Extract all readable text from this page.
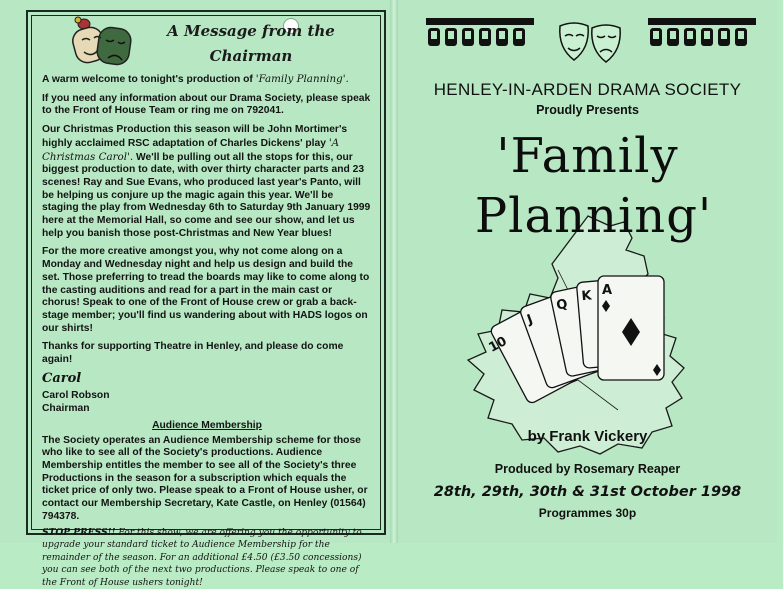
A Message from the
Chairman

A warm welcome to tonight's production of 'Family Planning'.

If you need any information about our Drama Society, please speak to the Front of House Team or ring me on 792041.

Our Christmas Production this season will be John Mortimer's highly acclaimed RSC adaptation of Charles Dickens' play 'A Christmas Carol'. We'll be pulling out all the stops for this, our biggest production to date, with over thirty character parts and 23 scenes! Ray and Sue Evans, who produced last year's Panto, will be helping us conjure up the magic again this year. We'll be staging the play from Wednesday 6th to Saturday 9th January 1999 here at the Memorial Hall, so come and see our show, and let us help you banish those post-Christmas and New Year blues!

For the more creative amongst you, why not come along on a Monday and Wednesday night and help us design and build the set. Those preferring to tread the boards may like to come along to the casting auditions and read for a part in the main cast or chorus! Speak to one of the Front of House crew or grab a back-stage member; you'll find us wandering about with HADS logos on our shirts!

Thanks for supporting Theatre in Henley, and please do come again!

Carol
Carol Robson
Chairman
Audience Membership

The Society operates an Audience Membership scheme for those who like to see all of the Society's productions. Audience Membership entitles the member to see all of the Society's three Productions in the season for a subscription which equals the ticket price of only two. Please speak to a Front of House usher, or contact our Membership Secretary, Kate Castle, on Henley (01564) 794378.

STOP PRESS!! For this show, we are offering you the opportunity to upgrade your standard ticket to Audience Membership for the remainder of the season. For an additional £4.50 (£3.50 concessions) you can see both of the next two productions. Please speak to one of the Front of House ushers tonight!
HENLEY-IN-ARDEN DRAMA SOCIETY
Proudly Presents
10
J
Q
K A
'Family
Planning'
by Frank Vickery
Produced by Rosemary Reaper
28th, 29th, 30th & 31st October 1998
Programmes 30p
